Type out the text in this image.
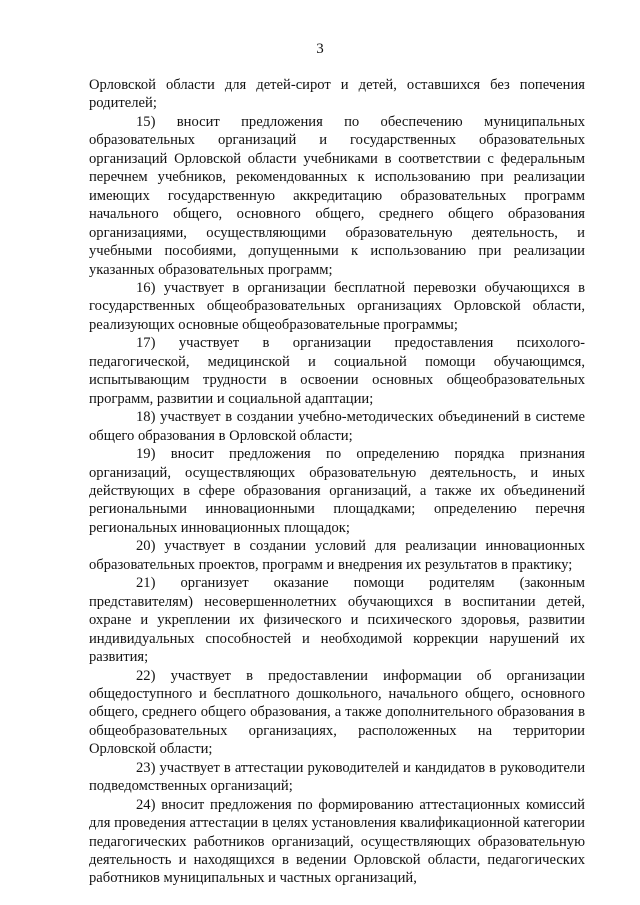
3

Орловской области для детей-сирот и детей, оставшихся без попечения родителей;

15) вносит предложения по обеспечению муниципальных образовательных организаций и государственных образовательных организаций Орловской области учебниками в соответствии с федеральным перечнем учебников, рекомендованных к использованию при реализации имеющих государственную аккредитацию образовательных программ начального общего, основного общего, среднего общего образования организациями, осуществляющими образовательную деятельность, и учебными пособиями, допущенными к использованию при реализации указанных образовательных программ;

16) участвует в организации бесплатной перевозки обучающихся в государственных общеобразовательных организациях Орловской области, реализующих основные общеобразовательные программы;

17) участвует в организации предоставления психолого-педагогической, медицинской и социальной помощи обучающимся, испытывающим трудности в освоении основных общеобразовательных программ, развитии и социальной адаптации;

18) участвует в создании учебно-методических объединений в системе общего образования в Орловской области;

19) вносит предложения по определению порядка признания организаций, осуществляющих образовательную деятельность, и иных действующих в сфере образования организаций, а также их объединений региональными инновационными площадками; определению перечня региональных инновационных площадок;

20) участвует в создании условий для реализации инновационных образовательных проектов, программ и внедрения их результатов в практику;

21) организует оказание помощи родителям (законным представителям) несовершеннолетних обучающихся в воспитании детей, охране и укреплении их физического и психического здоровья, развитии индивидуальных способностей и необходимой коррекции нарушений их развития;

22) участвует в предоставлении информации об организации общедоступного и бесплатного дошкольного, начального общего, основного общего, среднего общего образования, а также дополнительного образования в общеобразовательных организациях, расположенных на территории Орловской области;

23) участвует в аттестации руководителей и кандидатов в руководители подведомственных организаций;

24) вносит предложения по формированию аттестационных комиссий для проведения аттестации в целях установления квалификационной категории педагогических работников организаций, осуществляющих образовательную деятельность и находящихся в ведении Орловской области, педагогических работников муниципальных и частных организаций,
